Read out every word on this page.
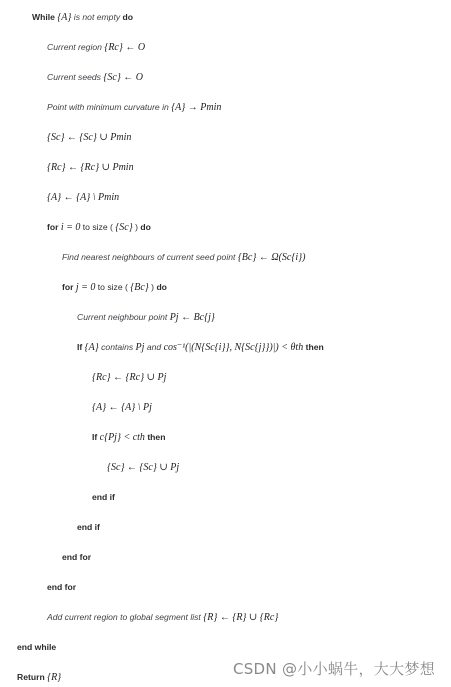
While {A} is not empty do
Current region {Rc} ← O
Current seeds {Sc} ← O
Point with minimum curvature in {A} → Pmin
{Sc} ← {Sc} ∪ Pmin
{Rc} ← {Rc} ∪ Pmin
{A} ← {A} \ Pmin
for i = 0 to size ( {Sc} ) do
Find nearest neighbours of current seed point {Bc} ← Ω(Sc{i})
for j = 0 to size ( {Bc} ) do
Current neighbour point Pj ← Bc{j}
If {A} contains Pj and cos⁻¹(|(N{Sc{i}}, N{Sc{j}})|) < θth then
{Rc} ← {Rc} ∪ Pj
{A} ← {A} \ Pj
If c{Pj} < cth then
{Sc} ← {Sc} ∪ Pj
end if
end if
end for
end for
Add current region to global segment list {R} ← {R} ∪ {Rc}
end while
Return {R}	CSDN @小小蜗牛，大大梦想
